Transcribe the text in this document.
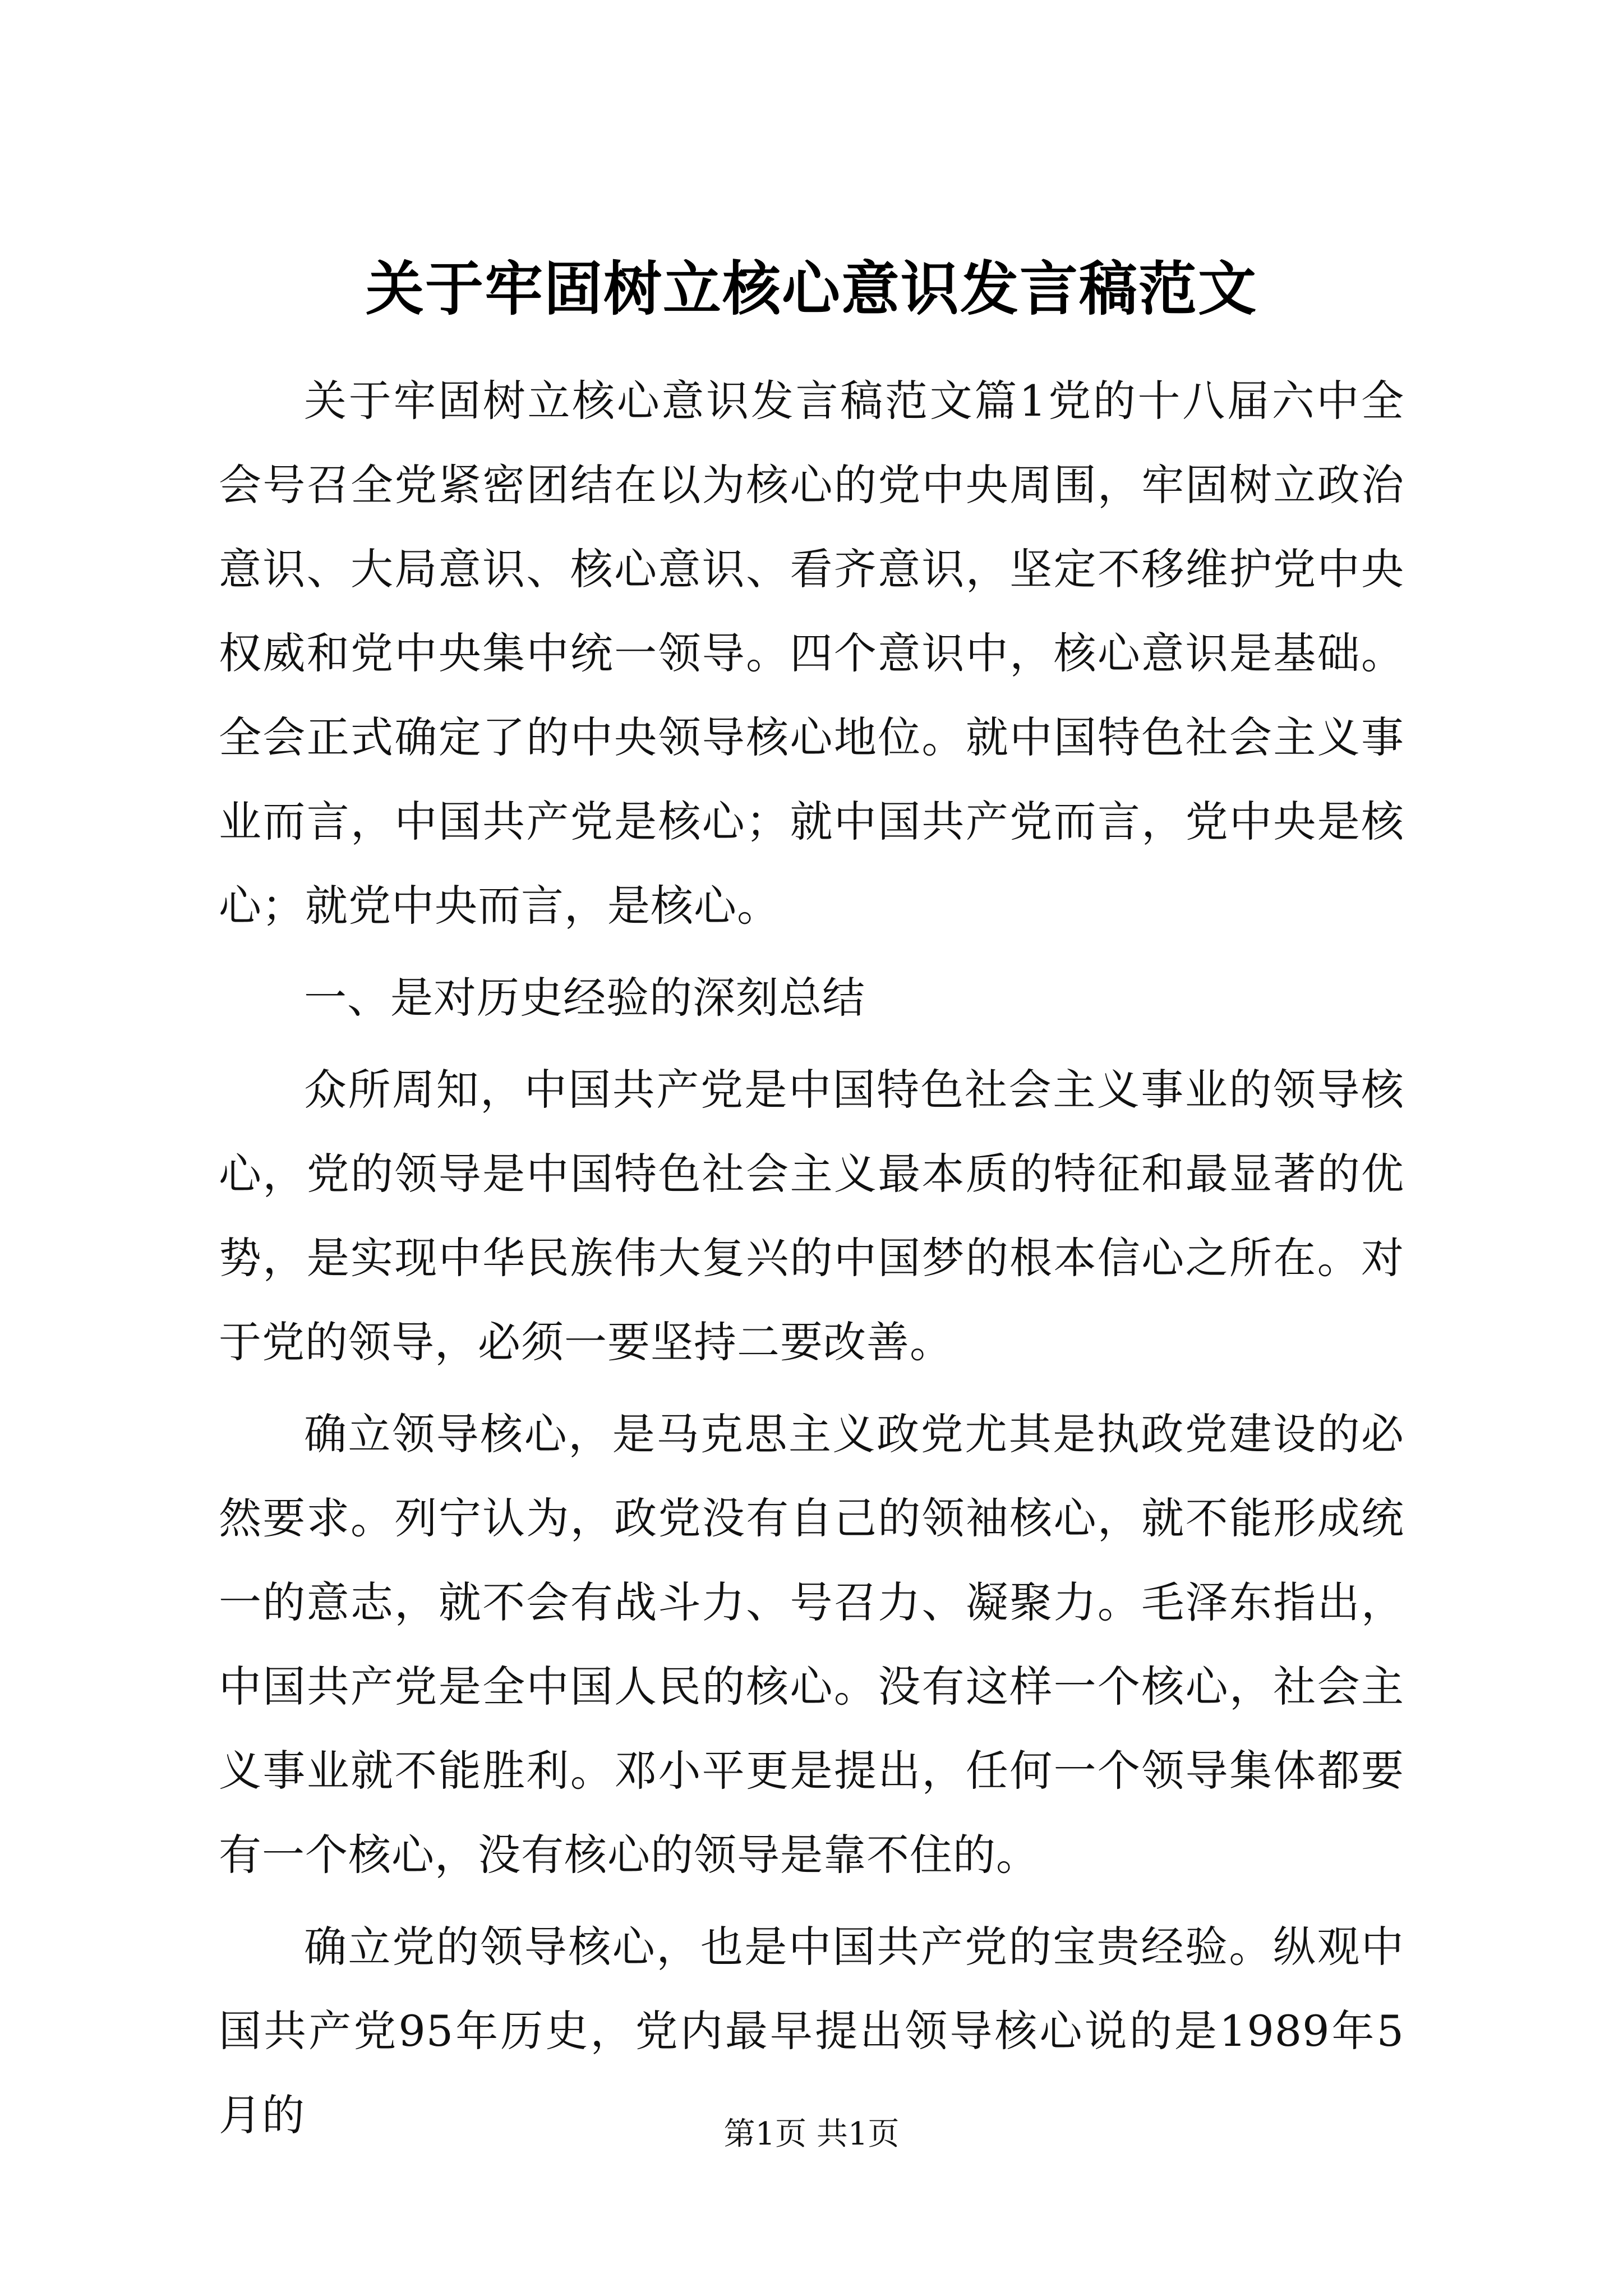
关于牢固树立核心意识发言稿范文

关于牢固树立核心意识发言稿范文篇1党的十八届六中全会号召全党紧密团结在以为核心的党中央周围，牢固树立政治意识、大局意识、核心意识、看齐意识，坚定不移维护党中央权威和党中央集中统一领导。四个意识中，核心意识是基础。全会正式确定了的中央领导核心地位。就中国特色社会主义事业而言，中国共产党是核心；就中国共产党而言，党中央是核心；就党中央而言，是核心。

一、是对历史经验的深刻总结

众所周知，中国共产党是中国特色社会主义事业的领导核心，党的领导是中国特色社会主义最本质的特征和最显著的优势，是实现中华民族伟大复兴的中国梦的根本信心之所在。对于党的领导，必须一要坚持二要改善。

确立领导核心，是马克思主义政党尤其是执政党建设的必然要求。列宁认为，政党没有自己的领袖核心，就不能形成统一的意志，就不会有战斗力、号召力、凝聚力。毛泽东指出，中国共产党是全中国人民的核心。没有这样一个核心，社会主义事业就不能胜利。邓小平更是提出，任何一个领导集体都要有一个核心，没有核心的领导是靠不住的。

确立党的领导核心，也是中国共产党的宝贵经验。纵观中国共产党95年历史，党内最早提出领导核心说的是1989年5月的	第1页 共1页
